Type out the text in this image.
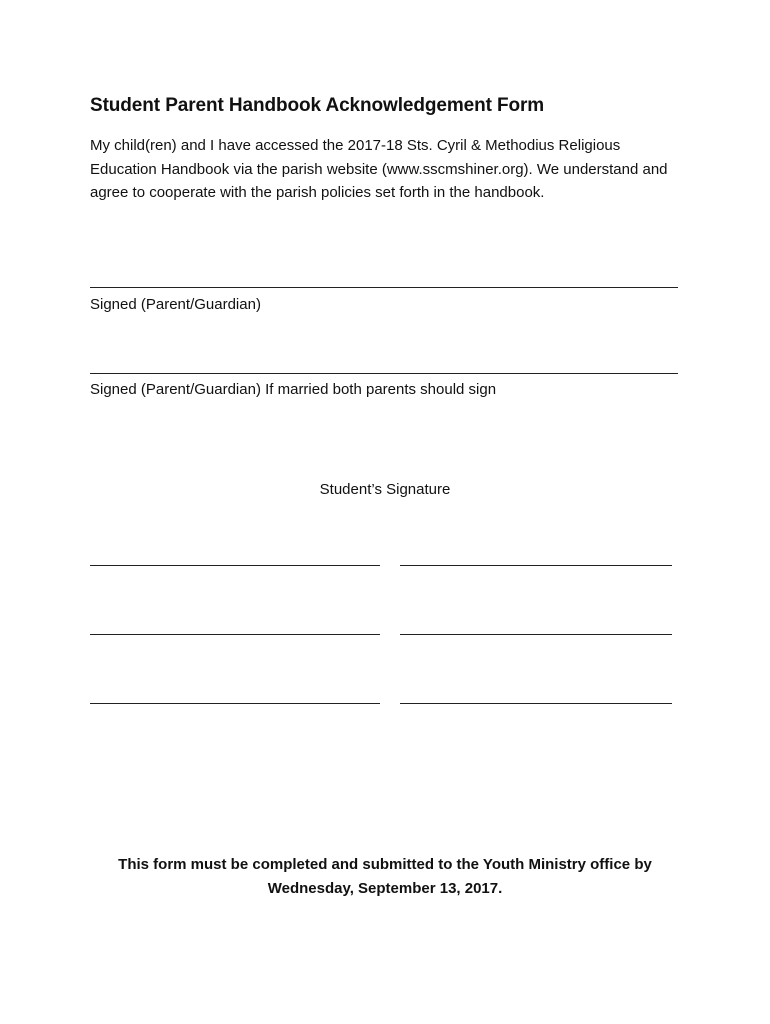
Student Parent Handbook Acknowledgement Form

My child(ren) and I have accessed the 2017-18 Sts. Cyril & Methodius Religious Education Handbook via the parish website (www.sscmshiner.org). We understand and agree to cooperate with the parish policies set forth in the handbook.

Signed (Parent/Guardian)

Signed (Parent/Guardian) If married both parents should sign

Student’s Signature

This form must be completed and submitted to the Youth Ministry office by
Wednesday, September 13, 2017.
